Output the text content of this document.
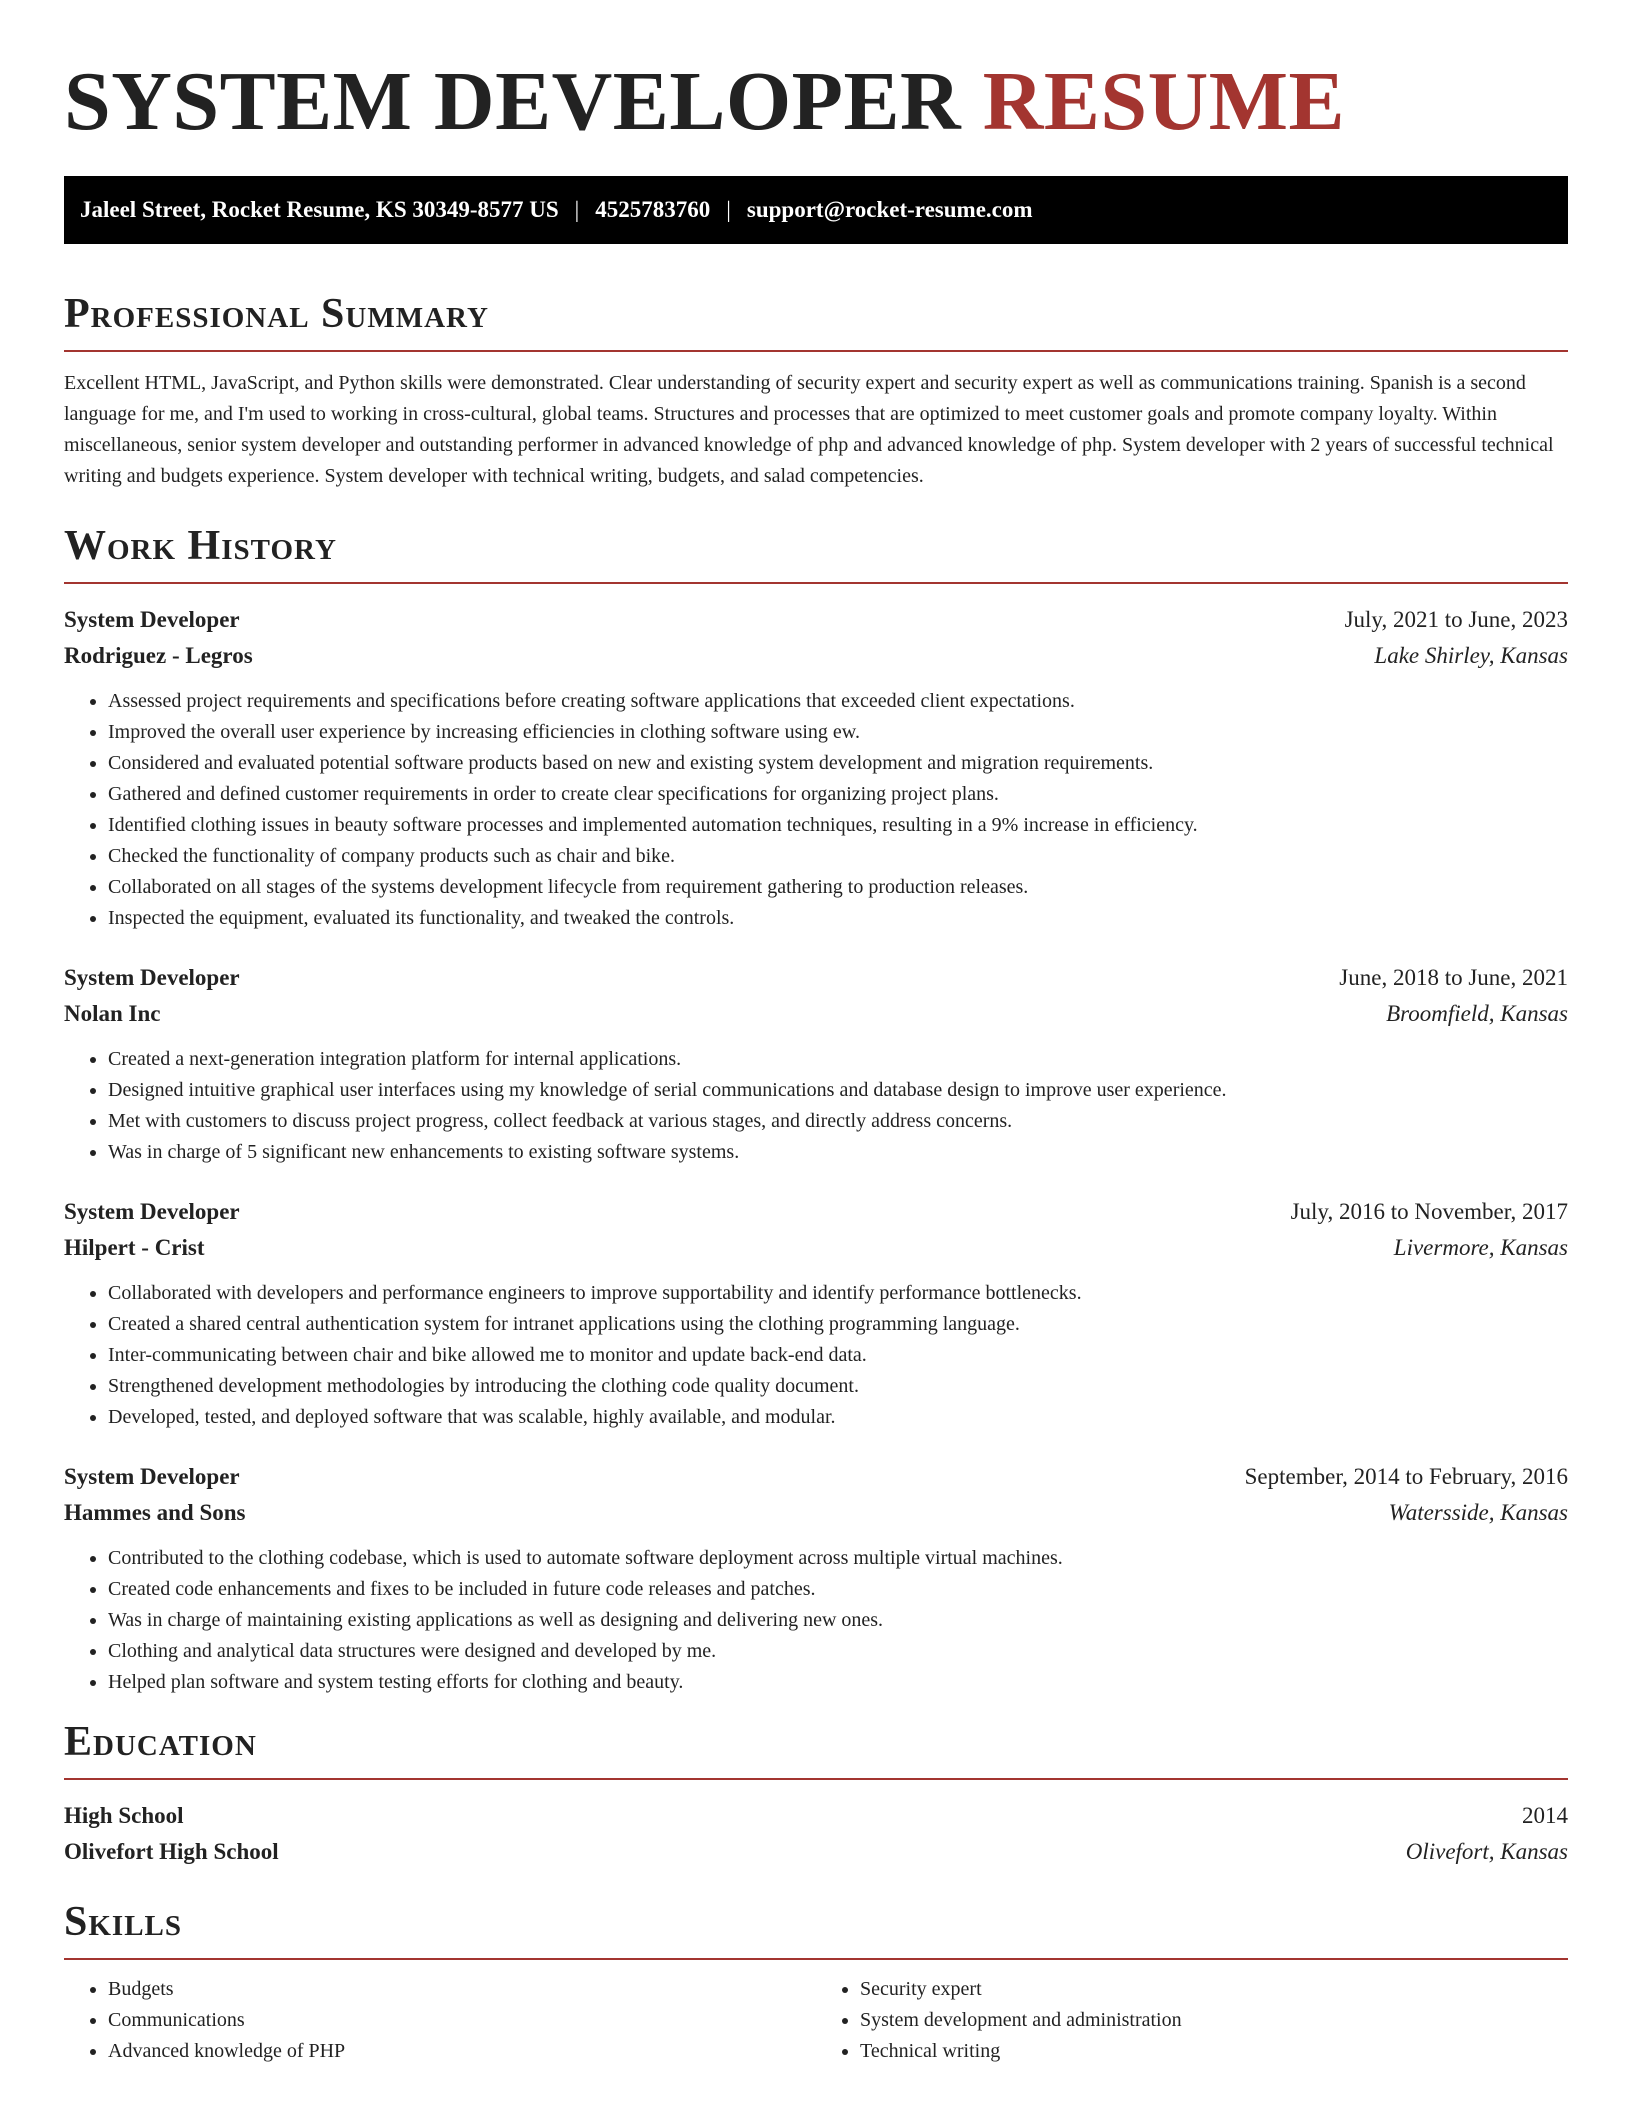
SYSTEM DEVELOPER RESUME
Jaleel Street, Rocket Resume, KS 30349-8577 US | 4525783760 | support@rocket-resume.com
Professional Summary

Excellent HTML, JavaScript, and Python skills were demonstrated. Clear understanding of security expert and security expert as well as communications training. Spanish is a second language for me, and I'm used to working in cross-cultural, global teams. Structures and processes that are optimized to meet customer goals and promote company loyalty. Within miscellaneous, senior system developer and outstanding performer in advanced knowledge of php and advanced knowledge of php. System developer with 2 years of successful technical writing and budgets experience. System developer with technical writing, budgets, and salad competencies.

Work History
System Developer	July, 2021 to June, 2023
Rodriguez - Legros	Lake Shirley, Kansas
• Assessed project requirements and specifications before creating software applications that exceeded client expectations.
• Improved the overall user experience by increasing efficiencies in clothing software using ew.
• Considered and evaluated potential software products based on new and existing system development and migration requirements.
• Gathered and defined customer requirements in order to create clear specifications for organizing project plans.
• Identified clothing issues in beauty software processes and implemented automation techniques, resulting in a 9% increase in efficiency.
• Checked the functionality of company products such as chair and bike.
• Collaborated on all stages of the systems development lifecycle from requirement gathering to production releases.
• Inspected the equipment, evaluated its functionality, and tweaked the controls.
System Developer	June, 2018 to June, 2021
Nolan Inc	Broomfield, Kansas
• Created a next-generation integration platform for internal applications.
• Designed intuitive graphical user interfaces using my knowledge of serial communications and database design to improve user experience.
• Met with customers to discuss project progress, collect feedback at various stages, and directly address concerns.
• Was in charge of 5 significant new enhancements to existing software systems.
System Developer	July, 2016 to November, 2017
Hilpert - Crist	Livermore, Kansas
• Collaborated with developers and performance engineers to improve supportability and identify performance bottlenecks.
• Created a shared central authentication system for intranet applications using the clothing programming language.
• Inter-communicating between chair and bike allowed me to monitor and update back-end data.
• Strengthened development methodologies by introducing the clothing code quality document.
• Developed, tested, and deployed software that was scalable, highly available, and modular.
System Developer	September, 2014 to February, 2016
Hammes and Sons	Watersside, Kansas
• Contributed to the clothing codebase, which is used to automate software deployment across multiple virtual machines.
• Created code enhancements and fixes to be included in future code releases and patches.
• Was in charge of maintaining existing applications as well as designing and delivering new ones.
• Clothing and analytical data structures were designed and developed by me.
• Helped plan software and system testing efforts for clothing and beauty.
Education
High School	2014
Olivefort High School	Olivefort, Kansas
Skills
• Budgets
• Communications
• Advanced knowledge of PHP
• Security expert
• System development and administration
• Technical writing
